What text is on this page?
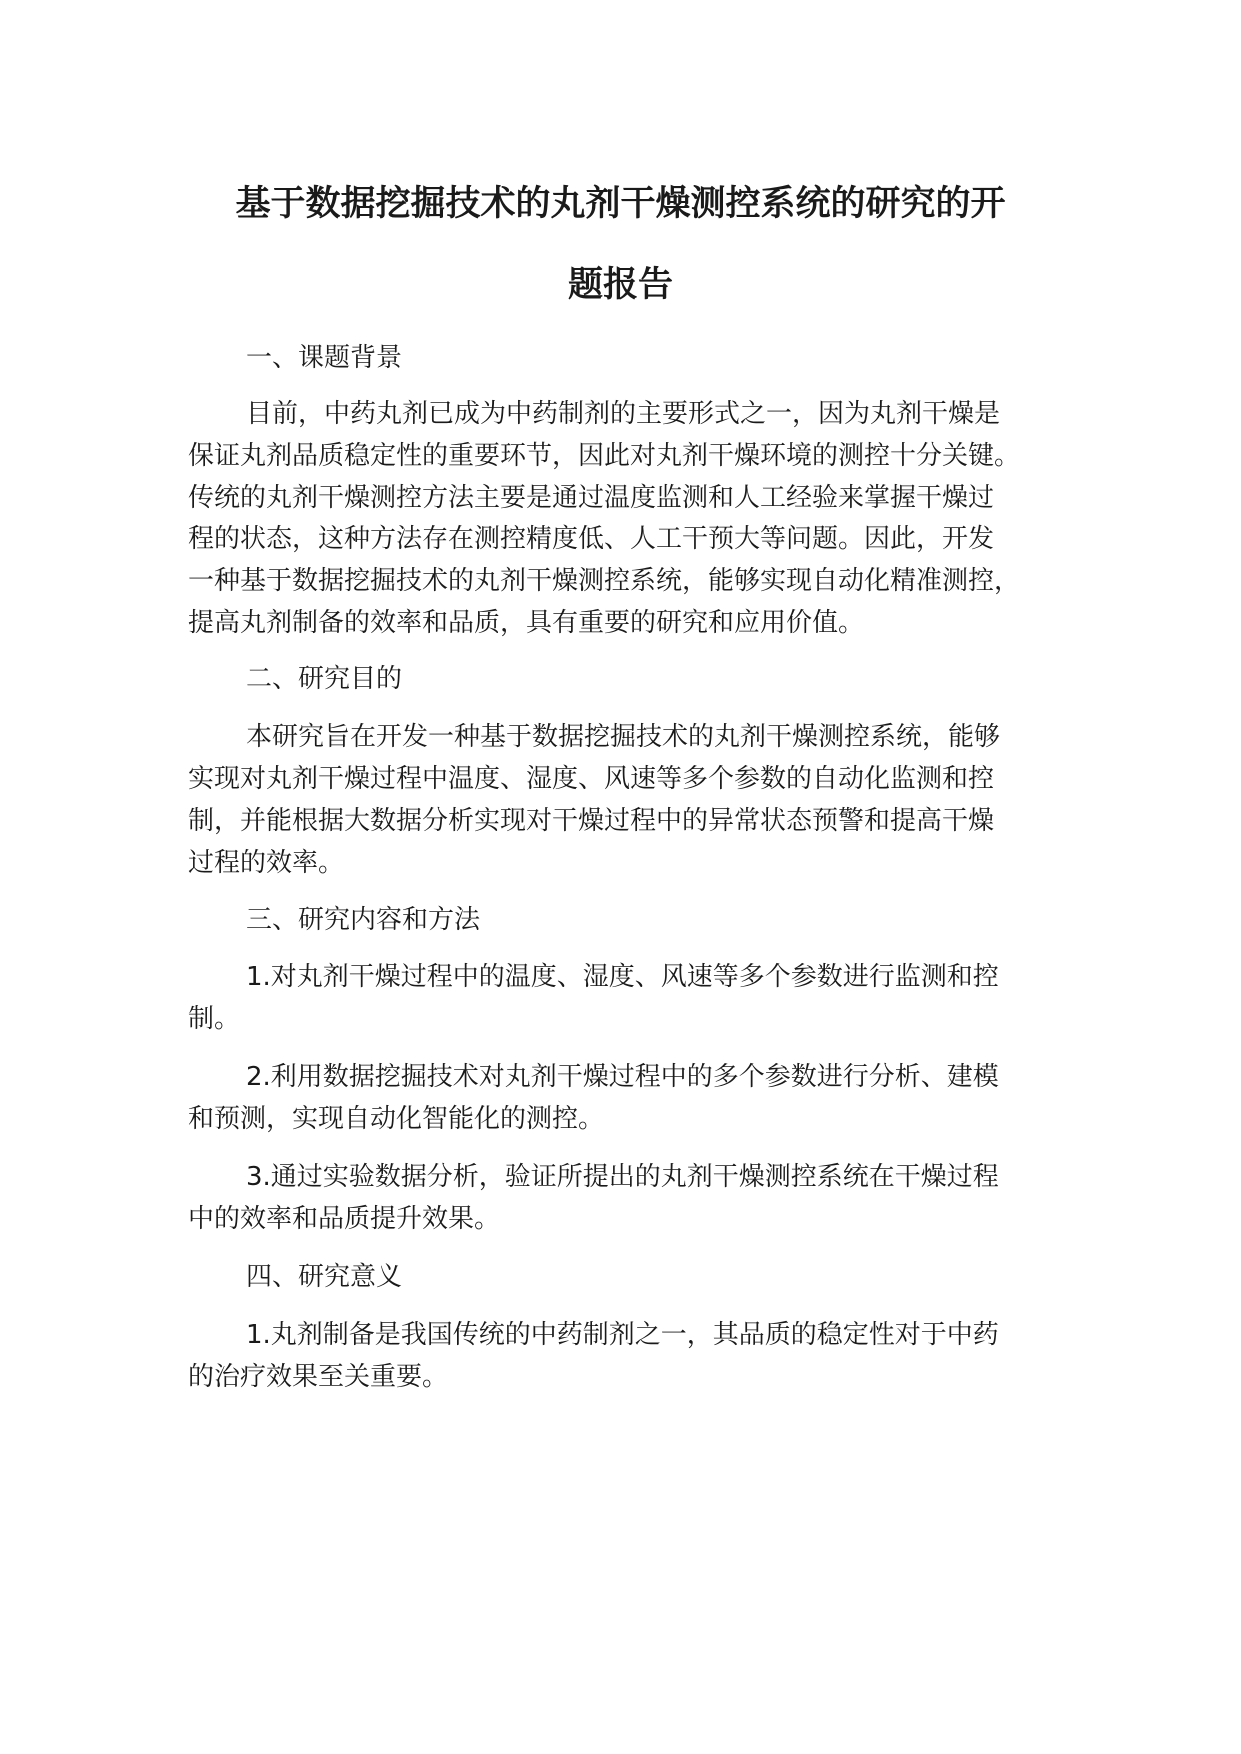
基于数据挖掘技术的丸剂干燥测控系统的研究的开
题报告

一、课题背景

目前，中药丸剂已成为中药制剂的主要形式之一，因为丸剂干燥是

保证丸剂品质稳定性的重要环节，因此对丸剂干燥环境的测控十分关键。

传统的丸剂干燥测控方法主要是通过温度监测和人工经验来掌握干燥过

程的状态，这种方法存在测控精度低、人工干预大等问题。因此，开发

一种基于数据挖掘技术的丸剂干燥测控系统，能够实现自动化精准测控，

提高丸剂制备的效率和品质，具有重要的研究和应用价值。

二、研究目的

本研究旨在开发一种基于数据挖掘技术的丸剂干燥测控系统，能够

实现对丸剂干燥过程中温度、湿度、风速等多个参数的自动化监测和控

制，并能根据大数据分析实现对干燥过程中的异常状态预警和提高干燥

过程的效率。

三、研究内容和方法

1.对丸剂干燥过程中的温度、湿度、风速等多个参数进行监测和控

制。

2.利用数据挖掘技术对丸剂干燥过程中的多个参数进行分析、建模

和预测，实现自动化智能化的测控。

3.通过实验数据分析，验证所提出的丸剂干燥测控系统在干燥过程

中的效率和品质提升效果。

四、研究意义

1.丸剂制备是我国传统的中药制剂之一，其品质的稳定性对于中药

的治疗效果至关重要。
